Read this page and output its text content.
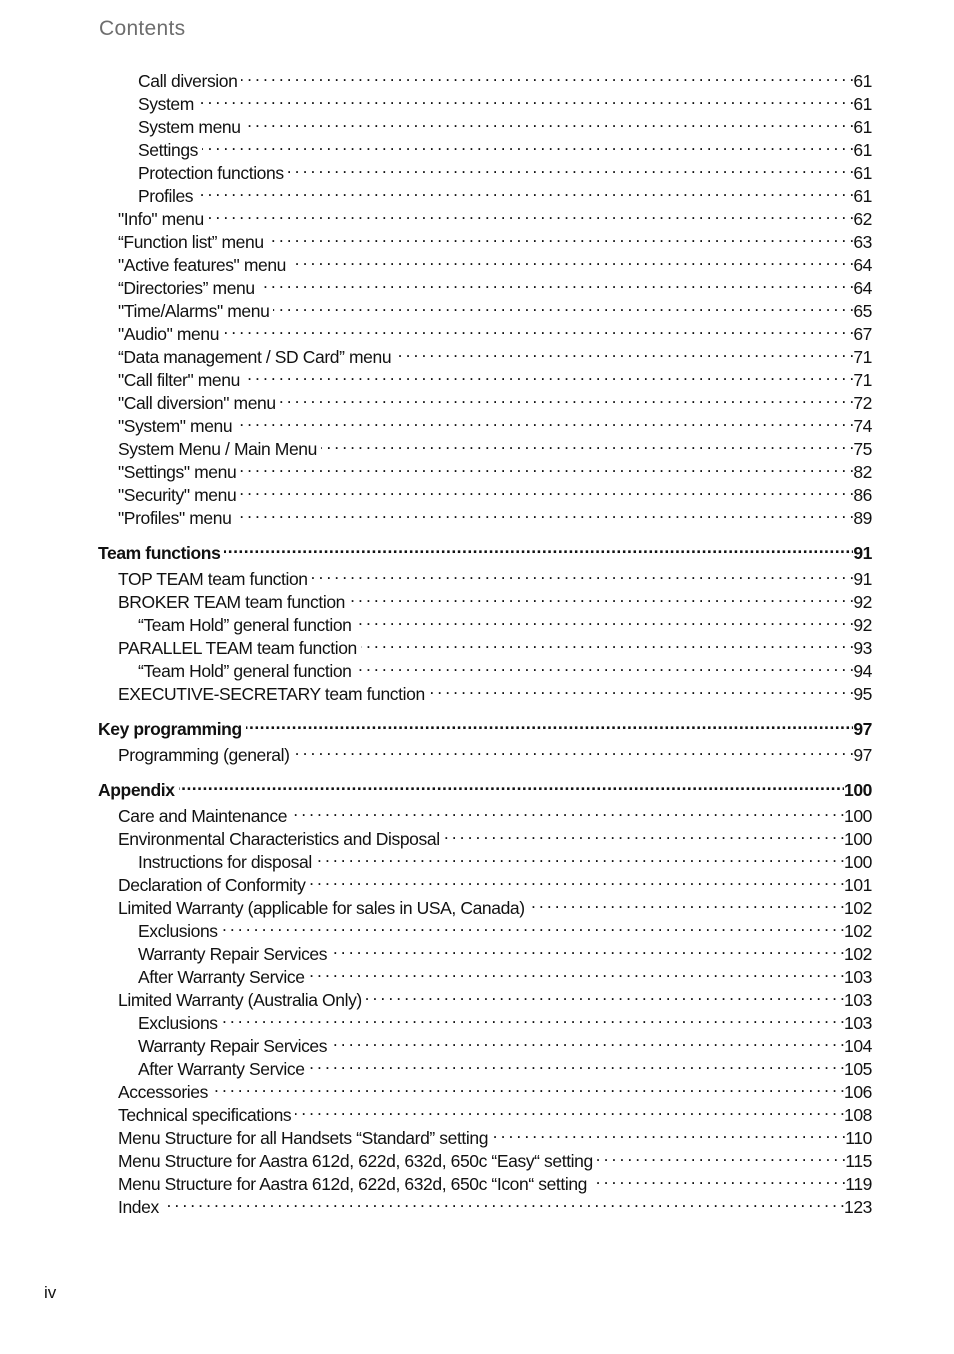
Contents
Call diversion . . .	61
System . . .	61
System menu . . .	61
Settings . . .	61
Protection functions . . .	61
Profiles . . .	61
"Info" menu . . .	62
“Function list” menu . . .	63
"Active features" menu . . .	64
“Directories” menu . . .	64
"Time/Alarms" menu . . .	65
"Audio" menu . . .	67
“Data management / SD Card” menu . . .	71
"Call filter" menu . . .	71
"Call diversion" menu . . .	72
"System" menu . . .	74
System Menu / Main Menu . . .	75
"Settings" menu . . .	82
"Security" menu . . .	86
"Profiles" menu . . .	89
Team functions . . .	91
TOP TEAM team function . . .	91
BROKER TEAM team function . . .	92
“Team Hold” general function . . .	92
PARALLEL TEAM team function . . .	93
“Team Hold” general function . . .	94
EXECUTIVE-SECRETARY team function . . .	95
Key programming . . .	97
Programming (general) . . .	97
Appendix . . .	100
Care and Maintenance . . .	100
Environmental Characteristics and Disposal . . .	100
Instructions for disposal . . .	100
Declaration of Conformity . . .	101
Limited Warranty (applicable for sales in USA, Canada) . . .	102
Exclusions . . .	102
Warranty Repair Services . . .	102
After Warranty Service . . .	103
Limited Warranty (Australia Only) . . .	103
Exclusions . . .	103
Warranty Repair Services . . .	104
After Warranty Service . . .	105
Accessories . . .	106
Technical specifications . . .	108
Menu Structure for all Handsets “Standard” setting . . .	110
Menu Structure for Aastra 612d, 622d, 632d, 650c “Easy“ setting . . .	115
Menu Structure for Aastra 612d, 622d, 632d, 650c “Icon“ setting . . .	119
Index . . .	123
iv
